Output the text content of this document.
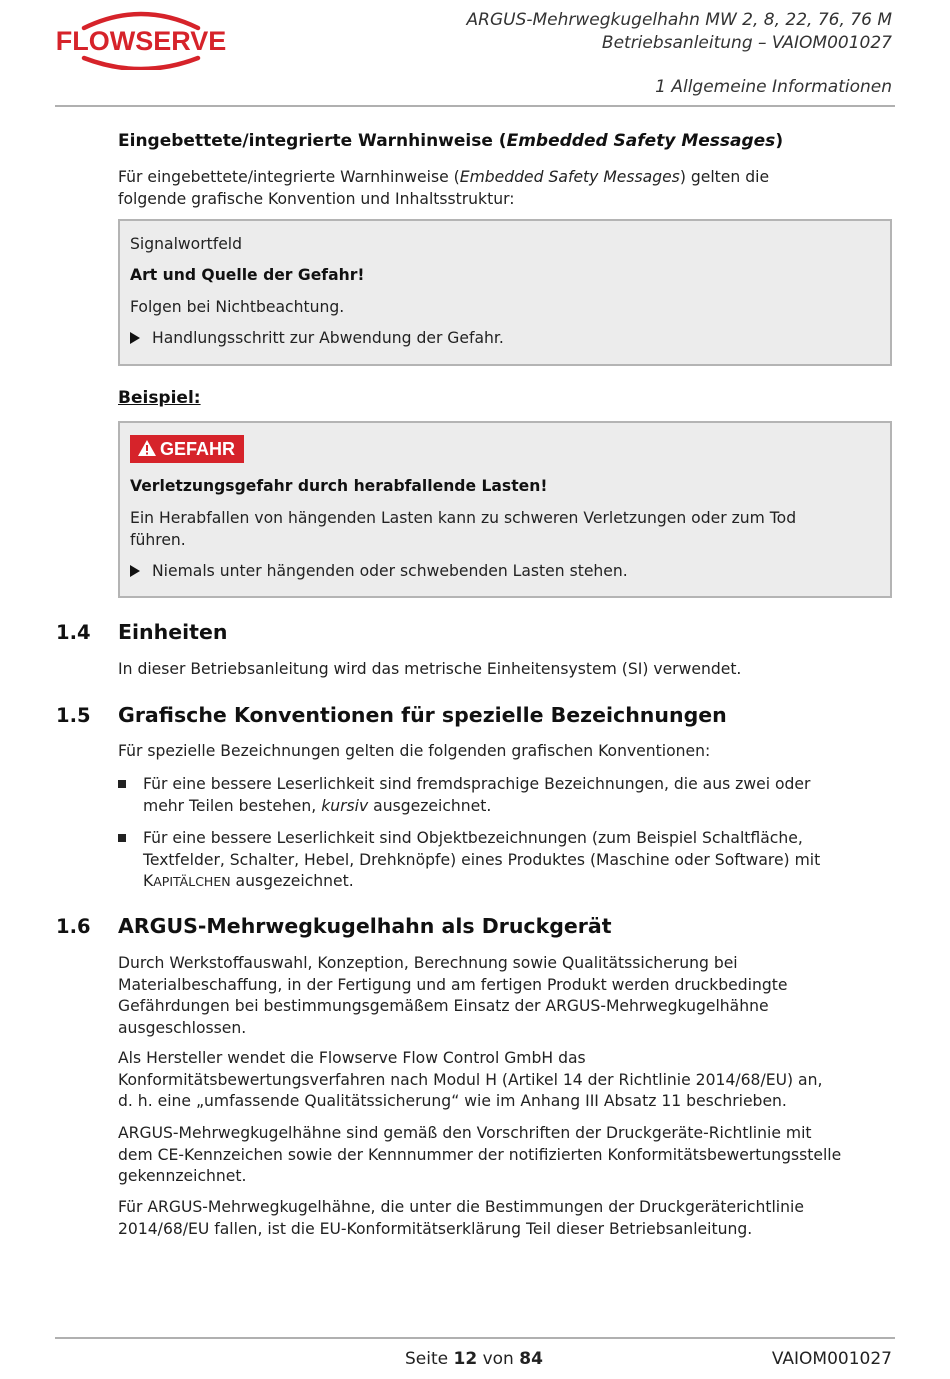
FLOWSERVE
ARGUS-Mehrwegkugelhahn MW 2, 8, 22, 76, 76 M
Betriebsanleitung – VAIOM001027
1 Allgemeine Informationen
Eingebettete/integrierte Warnhinweise (Embedded Safety Messages)
Für eingebettete/integrierte Warnhinweise (Embedded Safety Messages) gelten die
folgende grafische Konvention und Inhaltsstruktur:
Signalwortfeld
Art und Quelle der Gefahr!
Folgen bei Nichtbeachtung.
Handlungsschritt zur Abwendung der Gefahr.
Beispiel:
GEFAHR
Verletzungsgefahr durch herabfallende Lasten!
Ein Herabfallen von hängenden Lasten kann zu schweren Verletzungen oder zum Tod
führen.
Niemals unter hängenden oder schwebenden Lasten stehen.
1.4 Einheiten
In dieser Betriebsanleitung wird das metrische Einheitensystem (SI) verwendet.
1.5 Grafische Konventionen für spezielle Bezeichnungen
Für spezielle Bezeichnungen gelten die folgenden grafischen Konventionen:
Für eine bessere Leserlichkeit sind fremdsprachige Bezeichnungen, die aus zwei oder
mehr Teilen bestehen, kursiv ausgezeichnet.
Für eine bessere Leserlichkeit sind Objektbezeichnungen (zum Beispiel Schaltfläche,
Textfelder, Schalter, Hebel, Drehknöpfe) eines Produktes (Maschine oder Software) mit
KAPITÄLCHEN ausgezeichnet.
1.6 ARGUS-Mehrwegkugelhahn als Druckgerät
Durch Werkstoffauswahl, Konzeption, Berechnung sowie Qualitätssicherung bei
Materialbeschaffung, in der Fertigung und am fertigen Produkt werden druckbedingte
Gefährdungen bei bestimmungsgemäßem Einsatz der ARGUS-Mehrwegkugelhähne
ausgeschlossen.
Als Hersteller wendet die Flowserve Flow Control GmbH das
Konformitätsbewertungsverfahren nach Modul H (Artikel 14 der Richtlinie 2014/68/EU) an,
d. h. eine „umfassende Qualitätssicherung“ wie im Anhang III Absatz 11 beschrieben.
ARGUS-Mehrwegkugelhähne sind gemäß den Vorschriften der Druckgeräte-Richtlinie mit
dem CE-Kennzeichen sowie der Kennnummer der notifizierten Konformitätsbewertungsstelle
gekennzeichnet.
Für ARGUS-Mehrwegkugelhähne, die unter die Bestimmungen der Druckgeräterichtlinie
2014/68/EU fallen, ist die EU-Konformitätserklärung Teil dieser Betriebsanleitung.
Seite 12 von 84	VAIOM001027
